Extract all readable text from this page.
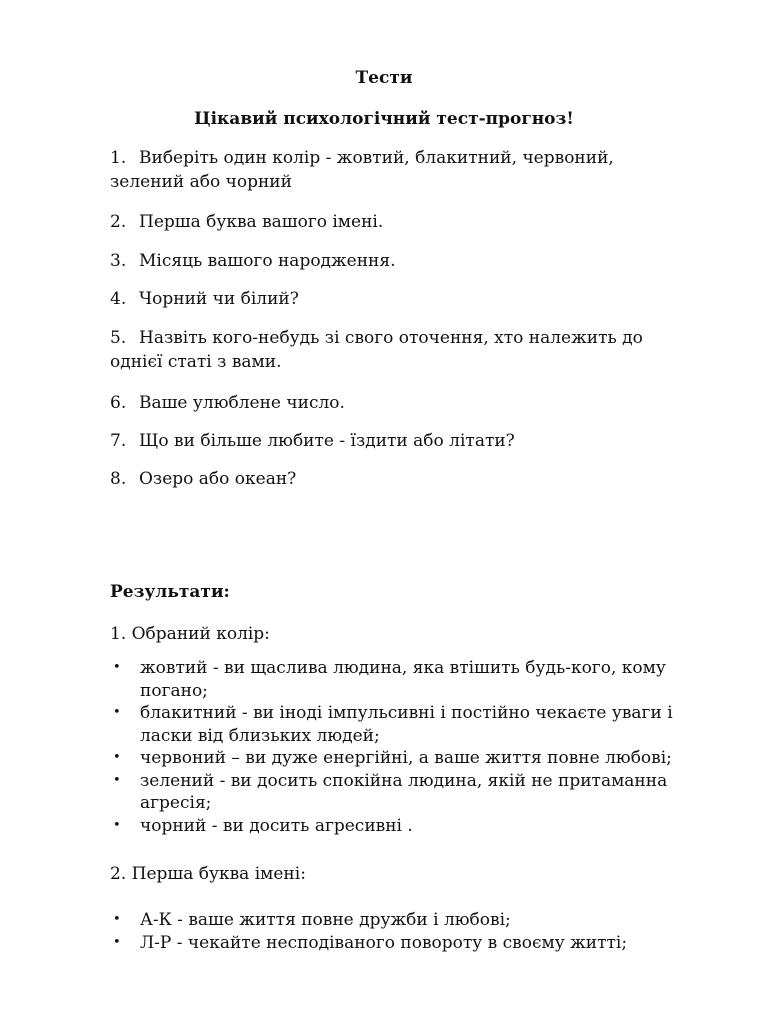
Тести

Цікавий психологічний тест-прогноз!

1. Виберіть один колір - жовтий, блакитний, червоний,
зелений або чорний
2. Перша буква вашого імені.
3. Місяць вашого народження.
4. Чорний чи білий?
5. Назвіть кого-небудь зі свого оточення, хто належить до
однієї статі з вами.
6. Ваше улюблене число.
7. Що ви більше любите - їздити або літати?
8. Озеро або океан?

Результати:

1. Обраний колір:

• жовтий - ви щаслива людина, яка втішить будь-кого, кому погано;
• блакитний - ви іноді імпульсивні і постійно чекаєте уваги і ласки від близьких людей;
• червоний – ви дуже енергійні, а ваше життя повне любові;
• зелений - ви досить спокійна людина, якій не притаманна агресія;
• чорний - ви досить агресивні .

2. Перша буква імені:

• А-К - ваше життя повне дружби і любові;
• Л-Р - чекайте несподіваного повороту в своєму житті;
